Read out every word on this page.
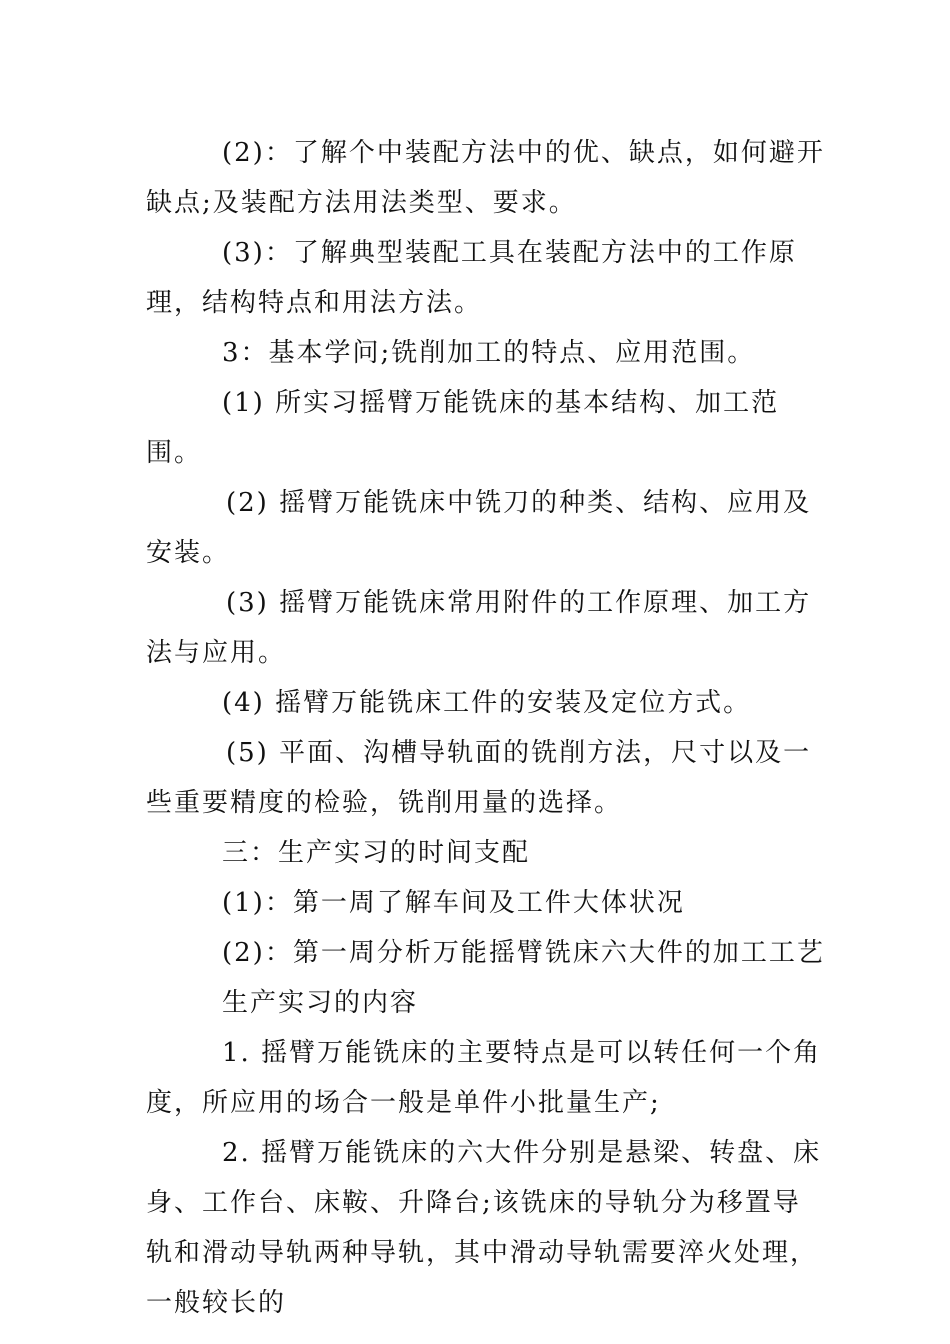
(2)：了解个中装配方法中的优、缺点，如何避开缺点;及装配方法用法类型、要求。

(3)：了解典型装配工具在装配方法中的工作原理，结构特点和用法方法。

3：基本学问;铣削加工的特点、应用范围。

(1) 所实习摇臂万能铣床的基本结构、加工范围。

(2) 摇臂万能铣床中铣刀的种类、结构、应用及安装。

(3) 摇臂万能铣床常用附件的工作原理、加工方法与应用。

(4) 摇臂万能铣床工件的安装及定位方式。

(5) 平面、沟槽导轨面的铣削方法，尺寸以及一些重要精度的检验，铣削用量的选择。

三：生产实习的时间支配

(1)：第一周了解车间及工件大体状况

(2)：第一周分析万能摇臂铣床六大件的加工工艺

生产实习的内容

1. 摇臂万能铣床的主要特点是可以转任何一个角度，所应用的场合一般是单件小批量生产;

2. 摇臂万能铣床的六大件分别是悬梁、转盘、床身、工作台、床鞍、升降台;该铣床的导轨分为移置导轨和滑动导轨两种导轨，其中滑动导轨需要淬火处理，一般较长的
